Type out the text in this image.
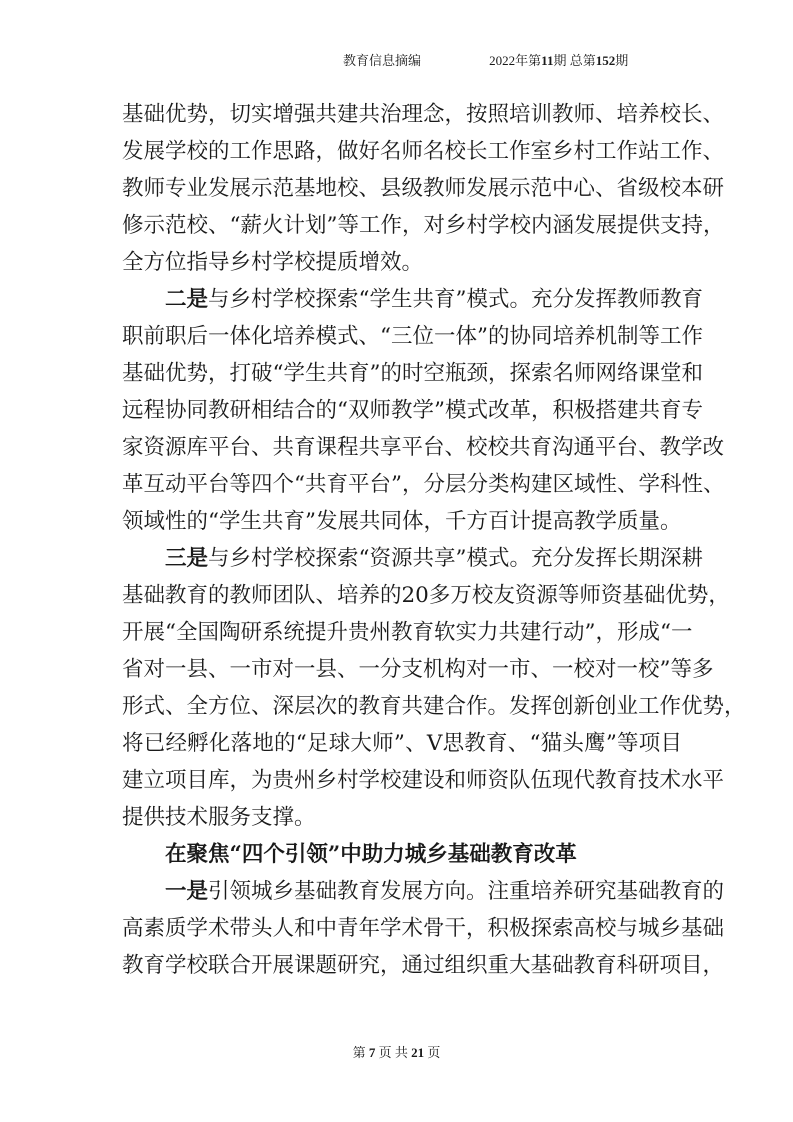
教育信息摘编	2022年第11期 总第152期
基础优势，切实增强共建共治理念，按照培训教师、培养校长、
发展学校的工作思路，做好名师名校长工作室乡村工作站工作、
教师专业发展示范基地校、县级教师发展示范中心、省级校本研
修示范校、“薪火计划”等工作，对乡村学校内涵发展提供支持，
全方位指导乡村学校提质增效。
二是与乡村学校探索“学生共育”模式。充分发挥教师教育
职前职后一体化培养模式、“三位一体”的协同培养机制等工作
基础优势，打破“学生共育”的时空瓶颈，探索名师网络课堂和
远程协同教研相结合的“双师教学”模式改革，积极搭建共育专
家资源库平台、共育课程共享平台、校校共育沟通平台、教学改
革互动平台等四个“共育平台”，分层分类构建区域性、学科性、
领域性的“学生共育”发展共同体，千方百计提高教学质量。
三是与乡村学校探索“资源共享”模式。充分发挥长期深耕
基础教育的教师团队、培养的20多万校友资源等师资基础优势，
开展“全国陶研系统提升贵州教育软实力共建行动”，形成“一
省对一县、一市对一县、一分支机构对一市、一校对一校”等多
形式、全方位、深层次的教育共建合作。发挥创新创业工作优势，
将已经孵化落地的“足球大师”、V思教育、“猫头鹰”等项目
建立项目库，为贵州乡村学校建设和师资队伍现代教育技术水平
提供技术服务支撑。
在聚焦“四个引领”中助力城乡基础教育改革
一是引领城乡基础教育发展方向。注重培养研究基础教育的
高素质学术带头人和中青年学术骨干，积极探索高校与城乡基础
教育学校联合开展课题研究，通过组织重大基础教育科研项目，
第 7 页 共 21 页
